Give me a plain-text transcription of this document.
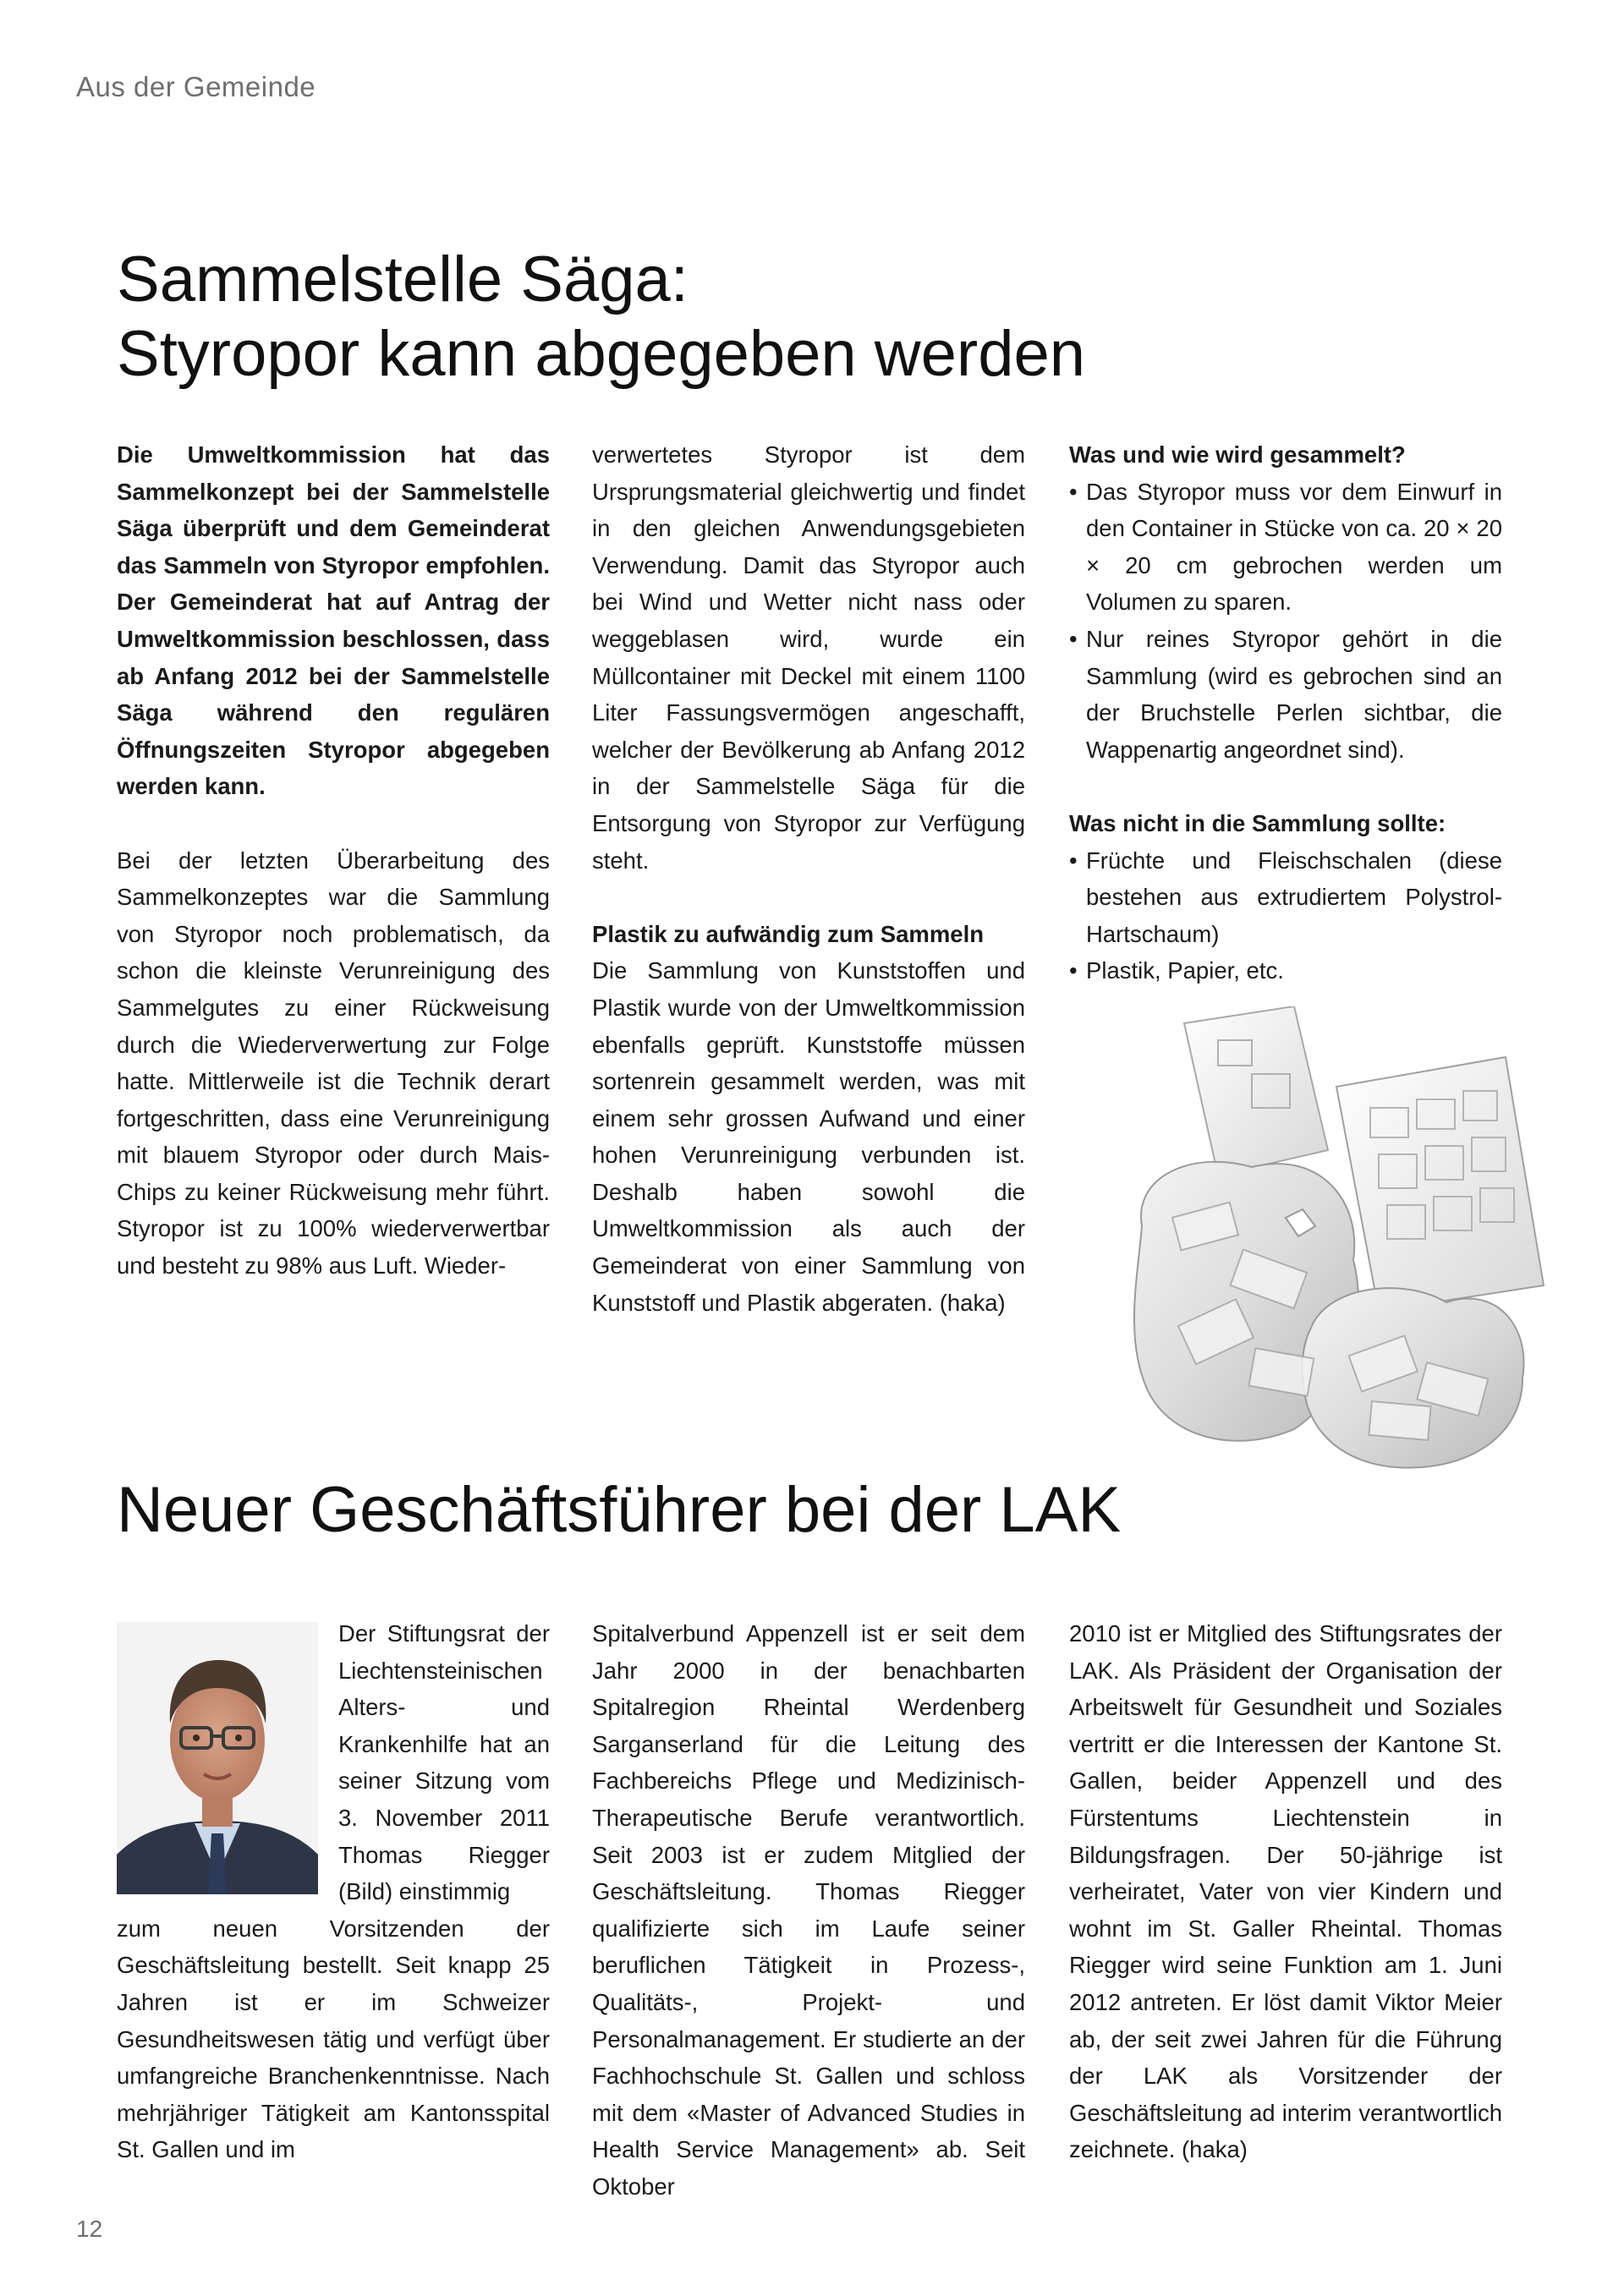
Aus der Gemeinde
Sammelstelle Säga:
Styropor kann abgegeben werden

Die Umweltkommission hat das Sammelkonzept bei der Sammelstelle Säga überprüft und dem Gemeinderat das Sammeln von Styropor empfohlen. Der Gemeinderat hat auf Antrag der Umweltkommission beschlossen, dass ab Anfang 2012 bei der Sammelstelle Säga während den regulären Öffnungszeiten Styropor abgegeben werden kann.

Bei der letzten Überarbeitung des Sammelkonzeptes war die Sammlung von Styropor noch problematisch, da schon die kleinste Verunreinigung des Sammelgutes zu einer Rückweisung durch die Wiederverwertung zur Folge hatte. Mittlerweile ist die Technik derart fortgeschritten, dass eine Verunreinigung mit blauem Styropor oder durch Mais-Chips zu keiner Rückweisung mehr führt. Styropor ist zu 100% wiederverwertbar und besteht zu 98% aus Luft. Wieder-

verwertetes Styropor ist dem Ursprungsmaterial gleichwertig und findet in den gleichen Anwendungsgebieten Verwendung. Damit das Styropor auch bei Wind und Wetter nicht nass oder weggeblasen wird, wurde ein Müllcontainer mit Deckel mit einem 1100 Liter Fassungsvermögen angeschafft, welcher der Bevölkerung ab Anfang 2012 in der Sammelstelle Säga für die Entsorgung von Styropor zur Verfügung steht.

Plastik zu aufwändig zum Sammeln

Die Sammlung von Kunststoffen und Plastik wurde von der Umweltkommission ebenfalls geprüft. Kunststoffe müssen sortenrein gesammelt werden, was mit einem sehr grossen Aufwand und einer hohen Verunreinigung verbunden ist. Deshalb haben sowohl die Umweltkommission als auch der Gemeinderat von einer Sammlung von Kunststoff und Plastik abgeraten. (haka)

Was und wie wird gesammelt?

• Das Styropor muss vor dem Einwurf in den Container in Stücke von ca. 20 × 20 × 20 cm gebrochen werden um Volumen zu sparen.
• Nur reines Styropor gehört in die Sammlung (wird es gebrochen sind an der Bruchstelle Perlen sichtbar, die Wappenartig angeordnet sind).

Was nicht in die Sammlung sollte:

• Früchte und Fleischschalen (diese bestehen aus extrudiertem Polystrol-Hartschaum)
• Plastik, Papier, etc.
Neuer Geschäftsführer bei der LAK

Der Stiftungsrat der Liechtensteinischen Alters- und Krankenhilfe hat an seiner Sitzung vom 3. November 2011 Thomas Riegger (Bild) einstimmig
zum neuen Vorsitzenden der Geschäftsleitung bestellt. Seit knapp 25 Jahren ist er im Schweizer Gesundheitswesen tätig und verfügt über umfangreiche Branchenkenntnisse. Nach mehrjähriger Tätigkeit am Kantonsspital St. Gallen und im

Spitalverbund Appenzell ist er seit dem Jahr 2000 in der benachbarten Spitalregion Rheintal Werdenberg Sarganserland für die Leitung des Fachbereichs Pflege und Medizinisch-Therapeutische Berufe verantwortlich. Seit 2003 ist er zudem Mitglied der Geschäftsleitung. Thomas Riegger qualifizierte sich im Laufe seiner beruflichen Tätigkeit in Prozess-, Qualitäts-, Projekt- und Personalmanagement. Er studierte an der Fachhochschule St. Gallen und schloss mit dem «Master of Advanced Studies in Health Service Management» ab. Seit Oktober

2010 ist er Mitglied des Stiftungsrates der LAK. Als Präsident der Organisation der Arbeitswelt für Gesundheit und Soziales vertritt er die Interessen der Kantone St. Gallen, beider Appenzell und des Fürstentums Liechtenstein in Bildungsfragen. Der 50-jährige ist verheiratet, Vater von vier Kindern und wohnt im St. Galler Rheintal. Thomas Riegger wird seine Funktion am 1. Juni 2012 antreten. Er löst damit Viktor Meier ab, der seit zwei Jahren für die Führung der LAK als Vorsitzender der Geschäftsleitung ad interim verantwortlich zeichnete. (haka)

12
